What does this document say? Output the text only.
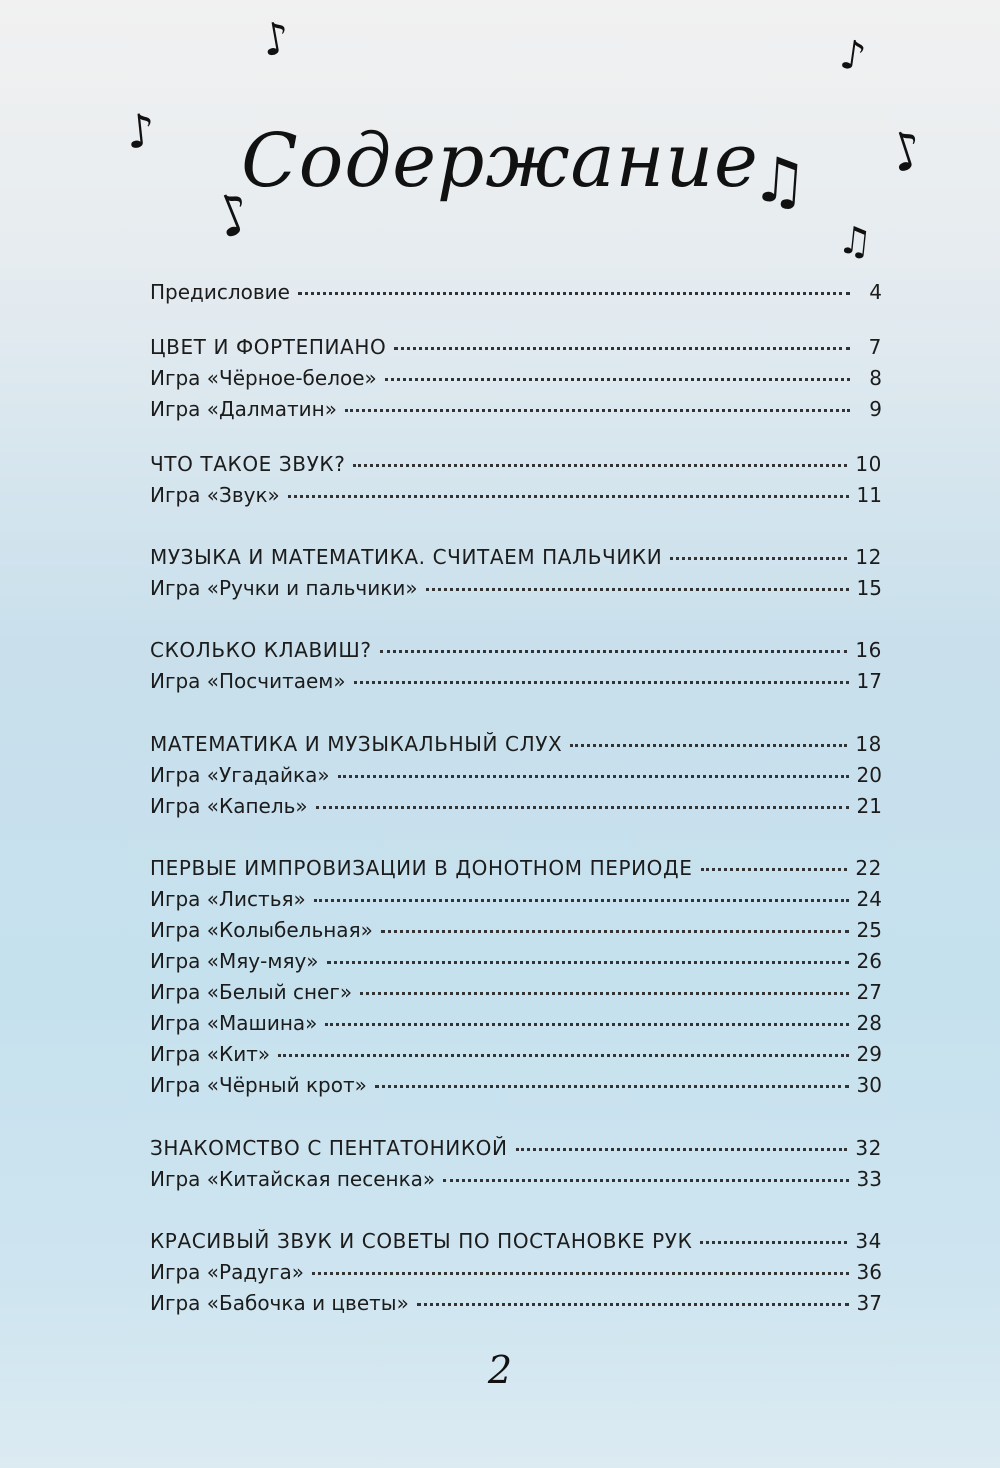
Содержание
♪	♪
♪	♪
♫
♪	♫
Предисловие	4
ЦВЕТ И ФОРТЕПИАНО	7
Игра «Чёрное-белое»	8
Игра «Далматин»	9
ЧТО ТАКОЕ ЗВУК?	10
Игра «Звук»	11
МУЗЫКА И МАТЕМАТИКА. СЧИТАЕМ ПАЛЬЧИКИ	12
Игра «Ручки и пальчики»	15
СКОЛЬКО КЛАВИШ?	16
Игра «Посчитаем»	17
МАТЕМАТИКА И МУЗЫКАЛЬНЫЙ СЛУХ	18
Игра «Угадайка»	20
Игра «Капель»	21
ПЕРВЫЕ ИМПРОВИЗАЦИИ В ДОНОТНОМ ПЕРИОДЕ	22
Игра «Листья»	24
Игра «Колыбельная»	25
Игра «Мяу-мяу»	26
Игра «Белый снег»	27
Игра «Машина»	28
Игра «Кит»	29
Игра «Чёрный крот»	30
ЗНАКОМСТВО С ПЕНТАТОНИКОЙ	32
Игра «Китайская песенка»	33
КРАСИВЫЙ ЗВУК И СОВЕТЫ ПО ПОСТАНОВКЕ РУК	34
Игра «Радуга»	36
Игра «Бабочка и цветы»	37
2
